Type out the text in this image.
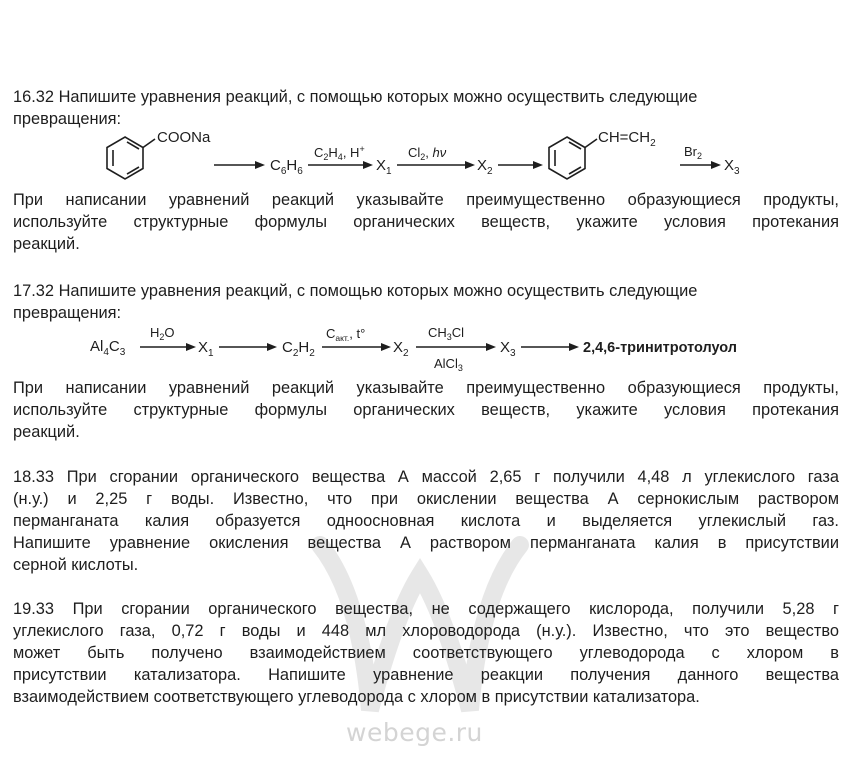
webege.ru
16.32 Напишите уравнения реакций, с помощью которых можно осуществить следующие
превращения:
COONa
$C_6H_6$
$C_2H_4$, H+
$X_1$
$Cl_2$, hν
$X_2$
$CH=CH_2$
$Br_2$
$X_3$
При написании уравнений реакций указывайте преимущественно образующиеся продукты,
используйте структурные формулы органических веществ, укажите условия протекания
реакций.
17.32 Напишите уравнения реакций, с помощью которых можно осуществить следующие
превращения:
$Al_4C_3$
$H_2O$
$X_1$	$C_2H_2$
$C_{акт.}$, t°
$X_2$
$CH_3Cl$
AlCl$_3$
$X_3$	2,4,6-тринитротолуол
При написании уравнений реакций указывайте преимущественно образующиеся продукты,
используйте структурные формулы органических веществ, укажите условия протекания
реакций.
18.33 При сгорании органического вещества А массой 2,65 г получили 4,48 л углекислого газа
(н.у.) и 2,25 г воды. Известно, что при окислении вещества А сернокислым раствором
перманганата калия образуется одноосновная кислота и выделяется углекислый газ.
Напишите уравнение окисления вещества А раствором перманганата калия в присутствии
серной кислоты.
19.33 При сгорании органического вещества, не содержащего кислорода, получили 5,28 г
углекислого газа, 0,72 г воды и 448 мл хлороводорода (н.у.). Известно, что это вещество
может быть получено взаимодействием соответствующего углеводорода с хлором в
присутствии катализатора. Напишите уравнение реакции получения данного вещества
взаимодействием соответствующего углеводорода с хлором в присутствии катализатора.
